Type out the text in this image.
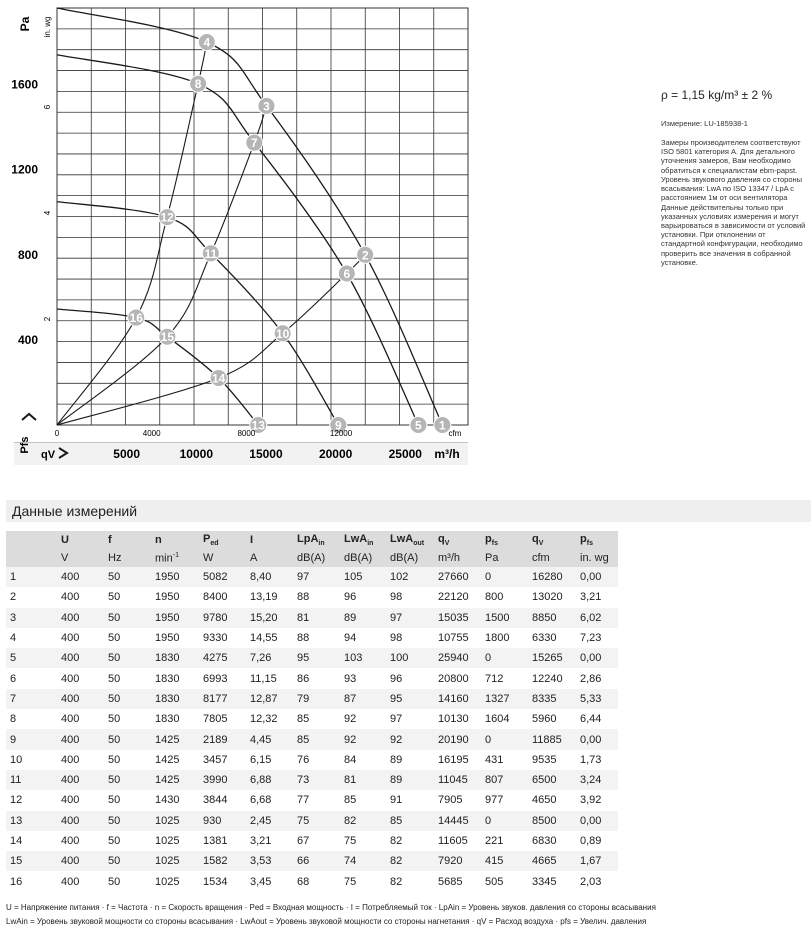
1
2
3
4
5
6
7
8
9
10
11
12
13
14
15
16
400
800
1200
1600
2
4
6
0	4000	8000	12000
5000	10000	15000	20000	25000
Pa in. wg
cfm
m³/h
Pfs
qV
ρ = 1,15 kg/m³ ± 2 %
Измерение: LU-185938-1
Замеры производителем соответствуют ISO 5801 категория A. Для детального уточнения замеров, Вам необходимо обратиться к специалистам ebm-papst. Уровень звукового давления со стороны всасывания: LwA по ISO 13347 / LpA с расстоянием 1м от оси вентилятора Данные действительны только при указанных условиях измерения и могут варьироваться в зависимости от условий установки. При отклонении от стандартной конфигурации, необходимо проверить все значения в собранной установке.
Данные измерений
	U	f	n	$P_{ed}$	I	LpA$_{in}$	LwA$_{in}$	LwA$_{out}$	$q_V$	$p_{fs}$	$q_V$	$p_{fs}$
	V	Hz	$\min^{-1}$	W	A	dB(A)	dB(A)	dB(A)	m³/h	Pa	cfm	in. wg
1	400	50	1950	5082	8,40	97	105	102	27660	0	16280	0,00
2	400	50	1950	8400	13,19	88	96	98	22120	800	13020	3,21
3	400	50	1950	9780	15,20	81	89	97	15035	1500	8850	6,02
4	400	50	1950	9330	14,55	88	94	98	10755	1800	6330	7,23
5	400	50	1830	4275	7,26	95	103	100	25940	0	15265	0,00
6	400	50	1830	6993	11,15	86	93	96	20800	712	12240	2,86
7	400	50	1830	8177	12,87	79	87	95	14160	1327	8335	5,33
8	400	50	1830	7805	12,32	85	92	97	10130	1604	5960	6,44
9	400	50	1425	2189	4,45	85	92	92	20190	0	11885	0,00
10	400	50	1425	3457	6,15	76	84	89	16195	431	9535	1,73
11	400	50	1425	3990	6,88	73	81	89	11045	807	6500	3,24
12	400	50	1430	3844	6,68	77	85	91	7905	977	4650	3,92
13	400	50	1025	930	2,45	75	82	85	14445	0	8500	0,00
14	400	50	1025	1381	3,21	67	75	82	11605	221	6830	0,89
15	400	50	1025	1582	3,53	66	74	82	7920	415	4665	1,67
16	400	50	1025	1534	3,45	68	75	82	5685	505	3345	2,03
U = Напряжение питания · f = Частота · n = Скорость вращения · Ped = Входная мощность · I = Потребляемый ток · LpAin = Уровень звуков. давления со стороны всасывания
LwAin = Уровень звуковой мощности со стороны всасывания · LwAout = Уровень звуковой мощности со стороны нагнетания · qV = Расход воздуха · pfs = Увелич. давления
